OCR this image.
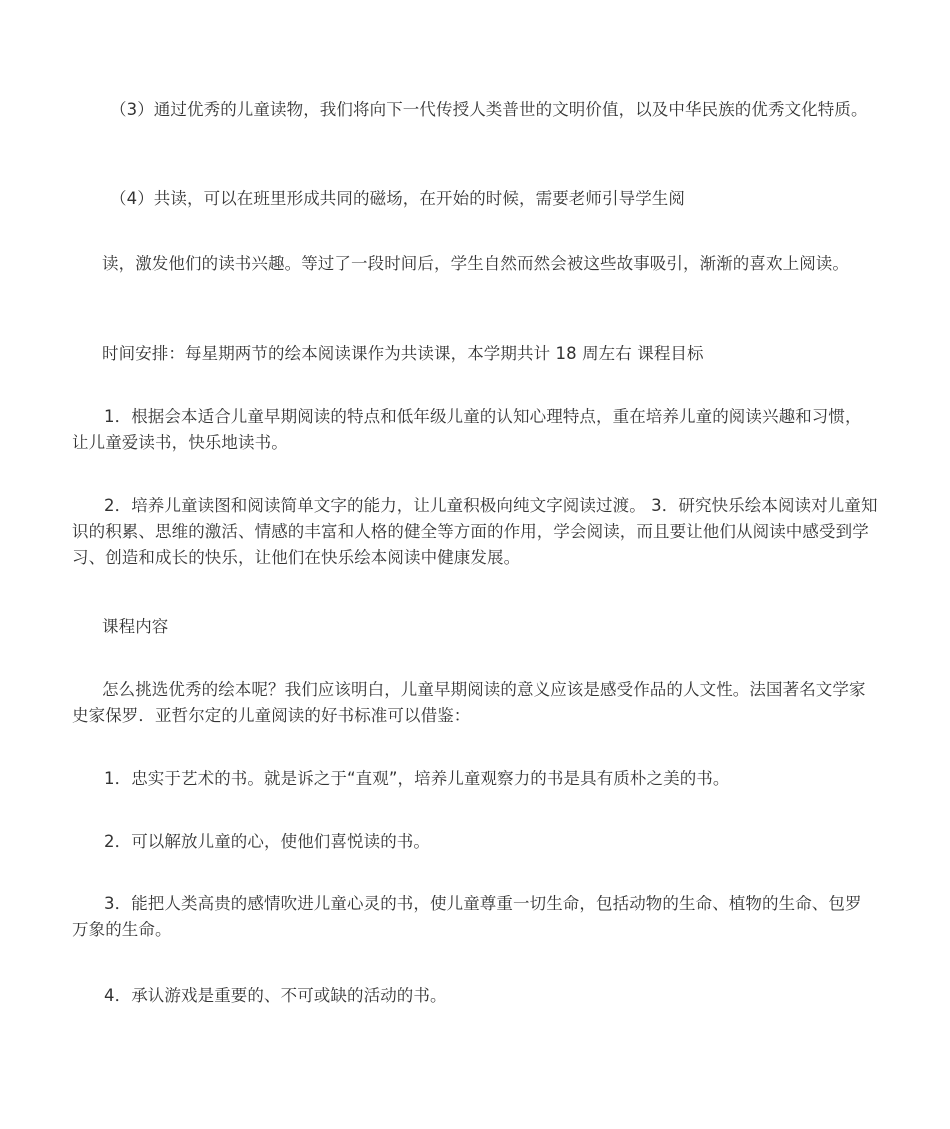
（3）通过优秀的儿童读物，我们将向下一代传授人类普世的文明价值，以及中华民族的优秀文化特质。

（4）共读，可以在班里形成共同的磁场，在开始的时候，需要老师引导学生阅

读，激发他们的读书兴趣。等过了一段时间后，学生自然而然会被这些故事吸引，渐渐的喜欢上阅读。

时间安排：每星期两节的绘本阅读课作为共读课，本学期共计 18 周左右 课程目标

1．根据会本适合儿童早期阅读的特点和低年级儿童的认知心理特点，重在培养儿童的阅读兴趣和习惯，让儿童爱读书，快乐地读书。

2．培养儿童读图和阅读简单文字的能力，让儿童积极向纯文字阅读过渡。 3．研究快乐绘本阅读对儿童知识的积累、思维的激活、情感的丰富和人格的健全等方面的作用，学会阅读，而且要让他们从阅读中感受到学习、创造和成长的快乐，让他们在快乐绘本阅读中健康发展。

课程内容

怎么挑选优秀的绘本呢？我们应该明白，儿童早期阅读的意义应该是感受作品的人文性。法国著名文学家史家保罗．亚哲尔定的儿童阅读的好书标准可以借鉴：

1．忠实于艺术的书。就是诉之于“直观”，培养儿童观察力的书是具有质朴之美的书。

2．可以解放儿童的心，使他们喜悦读的书。

3．能把人类高贵的感情吹进儿童心灵的书，使儿童尊重一切生命，包括动物的生命、植物的生命、包罗万象的生命。

4．承认游戏是重要的、不可或缺的活动的书。
